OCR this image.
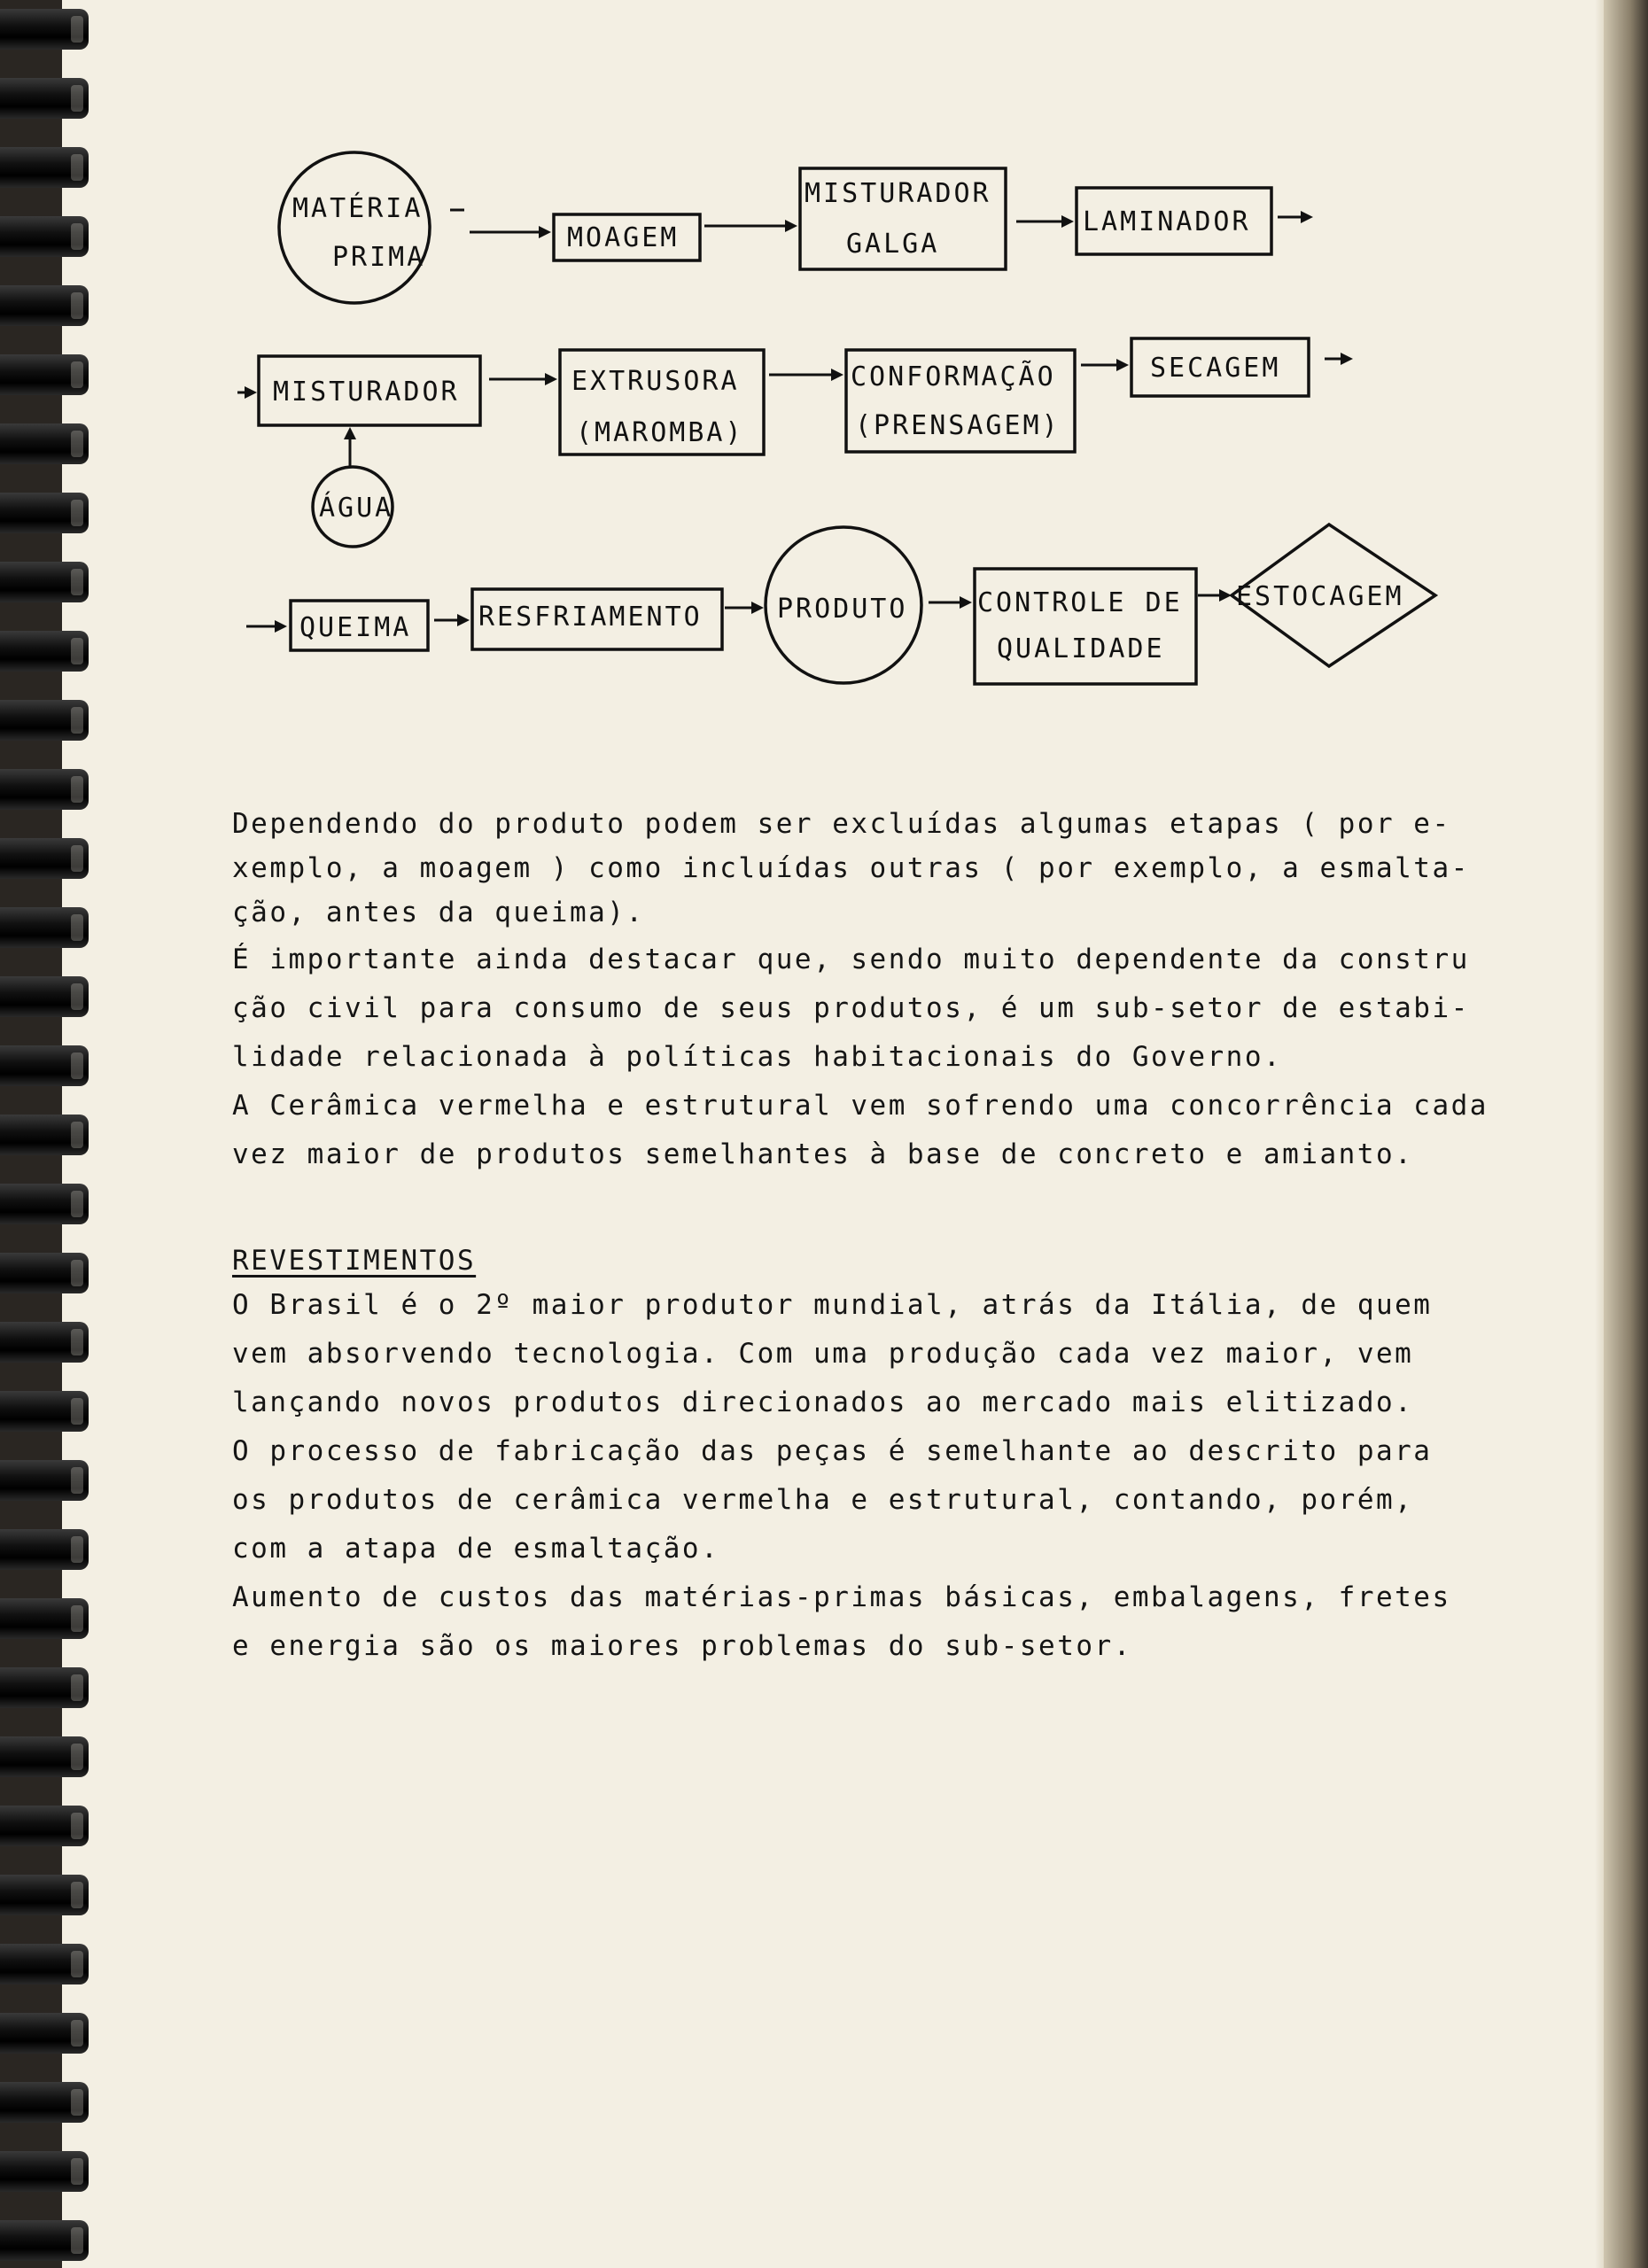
MATÉRIA
PRIMA
MOAGEM
MISTURADOR
GALGA
LAMINADOR
MISTURADOR
ÁGUA
EXTRUSORA
(MAROMBA)
CONFORMAÇÃO
(PRENSAGEM)
SECAGEM
QUEIMA	RESFRIAMENTO	PRODUTO	CONTROLE DE
QUALIDADE
ESTOCAGEM

Dependendo do produto podem ser excluídas algumas etapas ( por e-

xemplo, a moagem ) como incluídas outras ( por exemplo, a esmalta-

ção, antes da queima).

É importante ainda destacar que, sendo muito dependente da constru

ção civil para consumo de seus produtos, é um sub-setor de estabi-

lidade relacionada à políticas habitacionais do Governo.

A Cerâmica vermelha e estrutural vem sofrendo uma concorrência cada

vez maior de produtos semelhantes à base de concreto e amianto.

REVESTIMENTOS

O Brasil é o 2º maior produtor mundial, atrás da Itália, de quem

vem absorvendo tecnologia. Com uma produção cada vez maior, vem

lançando novos produtos direcionados ao mercado mais elitizado.

O processo de fabricação das peças é semelhante ao descrito para

os produtos de cerâmica vermelha e estrutural, contando, porém,

com a atapa de esmaltação.

Aumento de custos das matérias-primas básicas, embalagens, fretes

e energia são os maiores problemas do sub-setor.
